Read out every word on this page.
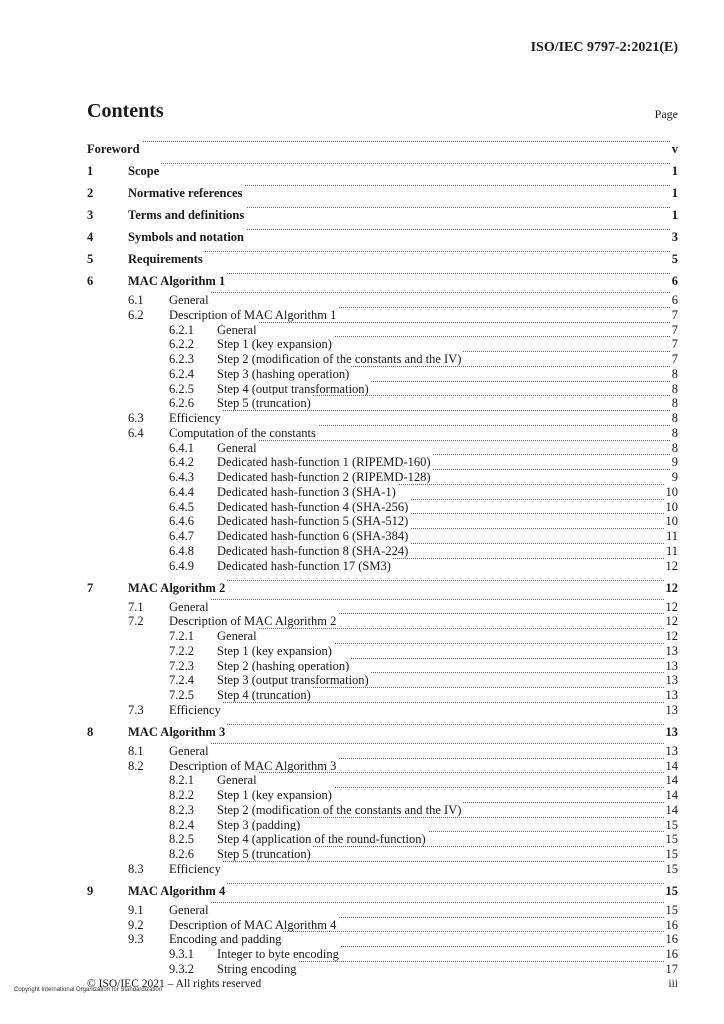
ISO/IEC 9797-2:2021(E)
Contents	Page
Foreword	v
1	Scope	1
2	Normative references	1
3	Terms and definitions	1
4	Symbols and notation	3
5	Requirements	5
6	MAC Algorithm 1	6
6.1 General	6
6.2 Description of MAC Algorithm 1	7
6.2.1 General	7
6.2.2 Step 1 (key expansion)	7
6.2.3 Step 2 (modification of the constants and the IV)	7
6.2.4 Step 3 (hashing operation)	8
6.2.5 Step 4 (output transformation)	8
6.2.6 Step 5 (truncation)	8
6.3 Efficiency	8
6.4 Computation of the constants	8
6.4.1 General	8
6.4.2 Dedicated hash-function 1 (RIPEMD-160)	9
6.4.3 Dedicated hash-function 2 (RIPEMD-128)	9
6.4.4 Dedicated hash-function 3 (SHA-1)	10
6.4.5 Dedicated hash-function 4 (SHA-256)	10
6.4.6 Dedicated hash-function 5 (SHA-512)	10
6.4.7 Dedicated hash-function 6 (SHA-384)	11
6.4.8 Dedicated hash-function 8 (SHA-224)	11
6.4.9 Dedicated hash-function 17 (SM3)	12
7	MAC Algorithm 2	12
7.1 General	12
7.2 Description of MAC Algorithm 2	12
7.2.1 General	12
7.2.2 Step 1 (key expansion)	13
7.2.3 Step 2 (hashing operation)	13
7.2.4 Step 3 (output transformation)	13
7.2.5 Step 4 (truncation)	13
7.3 Efficiency	13
8	MAC Algorithm 3	13
8.1 General	13
8.2 Description of MAC Algorithm 3	14
8.2.1 General	14
8.2.2 Step 1 (key expansion)	14
8.2.3 Step 2 (modification of the constants and the IV)	14
8.2.4 Step 3 (padding)	15
8.2.5 Step 4 (application of the round-function)	15
8.2.6 Step 5 (truncation)	15
8.3 Efficiency	15
9	MAC Algorithm 4	15
9.1 General	15
9.2 Description of MAC Algorithm 4	16
9.3 Encoding and padding	16
9.3.1 Integer to byte encoding	16
9.3.2 String encoding	17
© ISO/IEC 2021 – All rights reserved	iii
Copyright International Organization for Standardization
